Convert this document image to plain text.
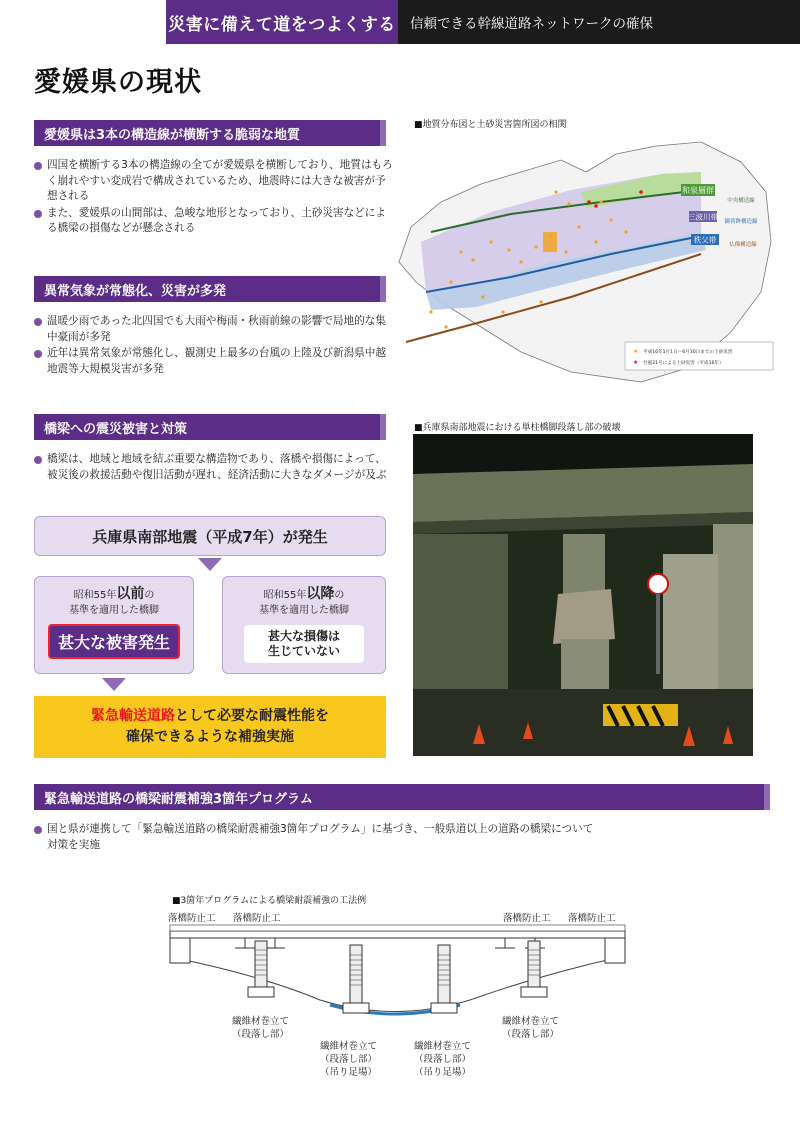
災害に備えて道をつよくする	信頼できる幹線道路ネットワークの確保
愛媛県の現状
愛媛県は3本の構造線が横断する脆弱な地質
四国を横断する3本の構造線の全てが愛媛県を横断しており、地質はもろく崩れやすい変成岩で構成されているため、地震時には大きな被害が予想される
また、愛媛県の山間部は、急峻な地形となっており、土砂災害などによる橋梁の損傷などが懸念される
異常気象が常態化、災害が多発
温暖少雨であった北四国でも大雨や梅雨・秋雨前線の影響で局地的な集中豪雨が多発
近年は異常気象が常態化し、観測史上最多の台風の上陸及び新潟県中越地震等大規模災害が多発
■ 地質分布図と土砂災害箇所図の相関
和泉層群
中央構造線
三波川帯
御荷鉾構造線
秩父帯
仏像構造線
★ 平成16年1月1日～6月30日までの土砂災害
★ 台風21号による土砂災害（平成16年）
橋梁への震災被害と対策
橋梁は、地域と地域を結ぶ重要な構造物であり、落橋や損傷によって、被災後の救援活動や復旧活動が遅れ、経済活動に大きなダメージが及ぶ
兵庫県南部地震（平成7年）が発生
昭和55年以前の
基準を適用した橋脚
甚大な被害発生
昭和55年以降の
基準を適用した橋脚
甚大な損傷は
生じていない
緊急輸送道路として必要な耐震性能を
確保できるような補強実施
■ 兵庫県南部地震における単柱橋脚段落し部の破壊
緊急輸送道路の橋梁耐震補強3箇年プログラム
国と県が連携して「緊急輸送道路の橋梁耐震補強3箇年プログラム」に基づき、一般県道以上の道路の橋梁について対策を実施
■ 3箇年プログラムによる橋梁耐震補強の工法例
落橋防止工 落橋防止工	落橋防止工 落橋防止工
繊維材巻立て
（段落し部）
繊維材巻立て
（段落し部）
（吊り足場）
繊維材巻立て
（段落し部）
（吊り足場）
繊維材巻立て
（段落し部）
